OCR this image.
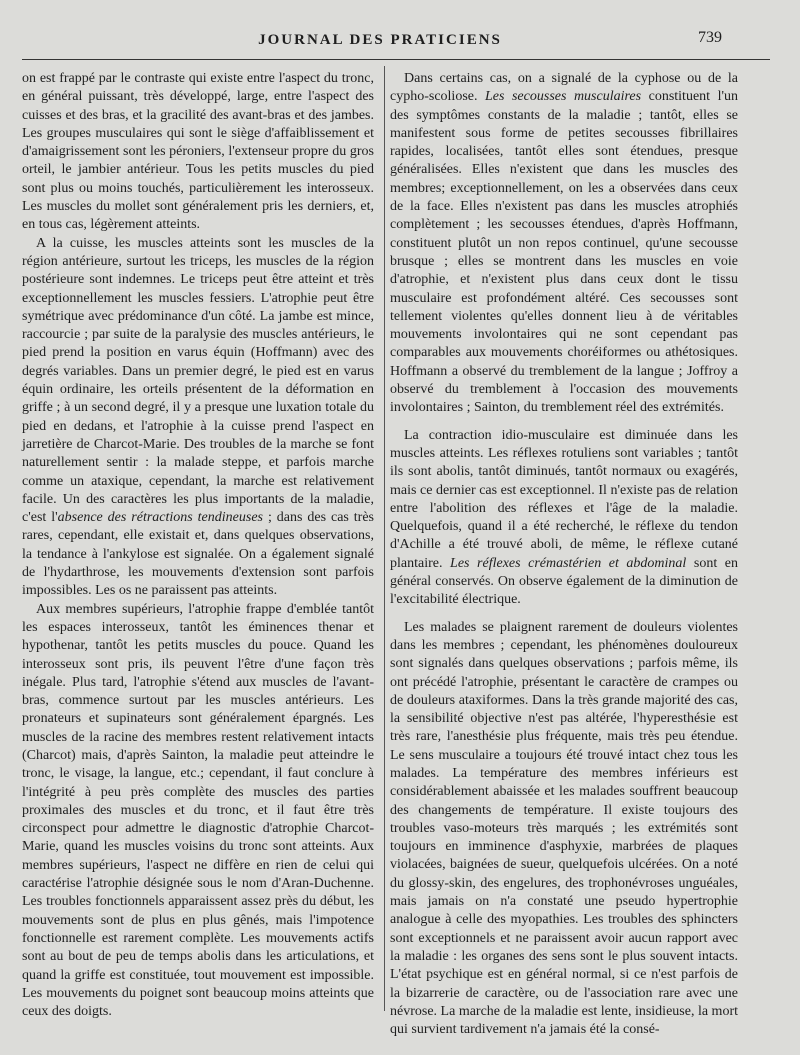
JOURNAL DES PRATICIENS	739

on est frappé par le contraste qui existe entre l'aspect du tronc, en général puissant, très développé, large, entre l'aspect des cuisses et des bras, et la gracilité des avant-bras et des jambes. Les groupes musculaires qui sont le siège d'affaiblissement et d'amaigrissement sont les péroniers, l'extenseur propre du gros orteil, le jambier antérieur. Tous les petits muscles du pied sont plus ou moins touchés, particulièrement les interosseux. Les muscles du mollet sont généralement pris les derniers, et, en tous cas, légèrement atteints.

A la cuisse, les muscles atteints sont les muscles de la région antérieure, surtout les triceps, les muscles de la région postérieure sont indemnes. Le triceps peut être atteint et très exceptionnellement les muscles fessiers. L'atrophie peut être symétrique avec prédominance d'un côté. La jambe est mince, raccourcie ; par suite de la paralysie des muscles antérieurs, le pied prend la position en varus équin (Hoffmann) avec des degrés variables. Dans un premier degré, le pied est en varus équin ordinaire, les orteils présentent de la déformation en griffe ; à un second degré, il y a presque une luxation totale du pied en dedans, et l'atrophie à la cuisse prend l'aspect en jarretière de Charcot-Marie. Des troubles de la marche se font naturellement sentir : la malade steppe, et parfois marche comme un ataxique, cependant, la marche est relativement facile. Un des caractères les plus importants de la maladie, c'est l'absence des rétractions tendineuses ; dans des cas très rares, cependant, elle existait et, dans quelques observations, la tendance à l'ankylose est signalée. On a également signalé de l'hydarthrose, les mouvements d'extension sont parfois impossibles. Les os ne paraissent pas atteints.

Aux membres supérieurs, l'atrophie frappe d'emblée tantôt les espaces interosseux, tantôt les éminences thenar et hypothenar, tantôt les petits muscles du pouce. Quand les interosseux sont pris, ils peuvent l'être d'une façon très inégale. Plus tard, l'atrophie s'étend aux muscles de l'avant-bras, commence surtout par les muscles antérieurs. Les pronateurs et supinateurs sont généralement épargnés. Les muscles de la racine des membres restent relativement intacts (Charcot) mais, d'après Sainton, la maladie peut atteindre le tronc, le visage, la langue, etc.; cependant, il faut conclure à l'intégrité à peu près complète des muscles des parties proximales des muscles et du tronc, et il faut être très circonspect pour admettre le diagnostic d'atrophie Charcot-Marie, quand les muscles voisins du tronc sont atteints. Aux membres supérieurs, l'aspect ne diffère en rien de celui qui caractérise l'atrophie désignée sous le nom d'Aran-Duchenne. Les troubles fonctionnels apparaissent assez près du début, les mouvements sont de plus en plus gênés, mais l'impotence fonctionnelle est rarement complète. Les mouvements actifs sont au bout de peu de temps abolis dans les articulations, et quand la griffe est constituée, tout mouvement est impossible. Les mouvements du poignet sont beaucoup moins atteints que ceux des doigts.

Dans certains cas, on a signalé de la cyphose ou de la cypho-scoliose. Les secousses musculaires constituent l'un des symptômes constants de la maladie ; tantôt, elles se manifestent sous forme de petites secousses fibrillaires rapides, localisées, tantôt elles sont étendues, presque généralisées. Elles n'existent que dans les muscles des membres; exceptionnellement, on les a observées dans ceux de la face. Elles n'existent pas dans les muscles atrophiés complètement ; les secousses étendues, d'après Hoffmann, constituent plutôt un non repos continuel, qu'une secousse brusque ; elles se montrent dans les muscles en voie d'atrophie, et n'existent plus dans ceux dont le tissu musculaire est profondément altéré. Ces secousses sont tellement violentes qu'elles donnent lieu à de véritables mouvements involontaires qui ne sont cependant pas comparables aux mouvements choréiformes ou athétosiques. Hoffmann a observé du tremblement de la langue ; Joffroy a observé du tremblement à l'occasion des mouvements involontaires ; Sainton, du tremblement réel des extrémités.

La contraction idio-musculaire est diminuée dans les muscles atteints. Les réflexes rotuliens sont variables ; tantôt ils sont abolis, tantôt diminués, tantôt normaux ou exagérés, mais ce dernier cas est exceptionnel. Il n'existe pas de relation entre l'abolition des réflexes et l'âge de la maladie. Quelquefois, quand il a été recherché, le réflexe du tendon d'Achille a été trouvé aboli, de même, le réflexe cutané plantaire. Les réflexes crémastérien et abdominal sont en général conservés. On observe également de la diminution de l'excitabilité électrique.

Les malades se plaignent rarement de douleurs violentes dans les membres ; cependant, les phénomènes douloureux sont signalés dans quelques observations ; parfois même, ils ont précédé l'atrophie, présentant le caractère de crampes ou de douleurs ataxiformes. Dans la très grande majorité des cas, la sensibilité objective n'est pas altérée, l'hyperesthésie est très rare, l'anesthésie plus fréquente, mais très peu étendue. Le sens musculaire a toujours été trouvé intact chez tous les malades. La température des membres inférieurs est considérablement abaissée et les malades souffrent beaucoup des changements de température. Il existe toujours des troubles vaso-moteurs très marqués ; les extrémités sont toujours en imminence d'asphyxie, marbrées de plaques violacées, baignées de sueur, quelquefois ulcérées. On a noté du glossy-skin, des engelures, des trophonévroses unguéales, mais jamais on n'a constaté une pseudo hypertrophie analogue à celle des myopathies. Les troubles des sphincters sont exceptionnels et ne paraissent avoir aucun rapport avec la maladie : les organes des sens sont le plus souvent intacts. L'état psychique est en général normal, si ce n'est parfois de la bizarrerie de caractère, ou de l'association rare avec une névrose. La marche de la maladie est lente, insidieuse, la mort qui survient tardivement n'a jamais été la consé-
